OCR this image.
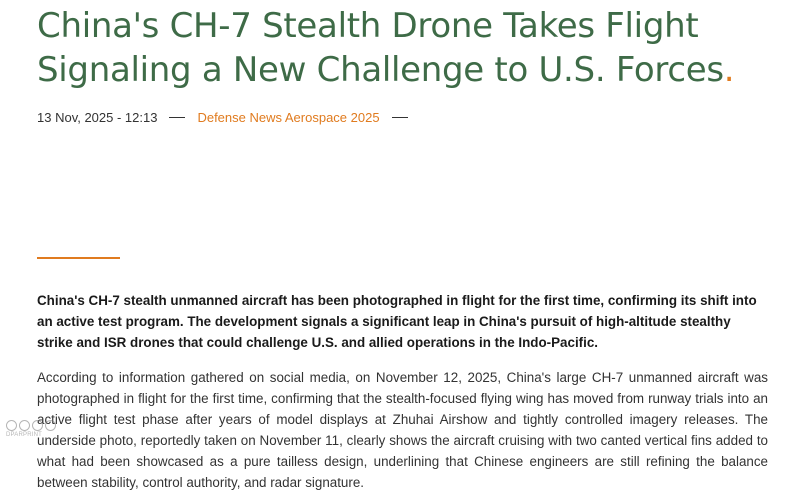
China's CH-7 Stealth Drone Takes Flight Signaling a New Challenge to U.S. Forces.
13 Nov, 2025 - 12:13	Defense News Aerospace 2025

China's CH-7 stealth unmanned aircraft has been photographed in flight for the first time, confirming its shift into an active test program. The development signals a significant leap in China's pursuit of high-altitude stealthy strike and ISR drones that could challenge U.S. and allied operations in the Indo-Pacific.

According to information gathered on social media, on November 12, 2025, China's large CH-7 unmanned aircraft was photographed in flight for the first time, confirming that the stealth-focused flying wing has moved from runway trials into an active flight test phase after years of model displays at Zhuhai Airshow and tightly controlled imagery releases. The underside photo, reportedly taken on November 11, clearly shows the aircraft cruising with two canted vertical fins added to what had been showcased as a pure tailless design, underlining that Chinese engineers are still refining the balance between stability, control authority, and radar signature.

DPARPRINT
